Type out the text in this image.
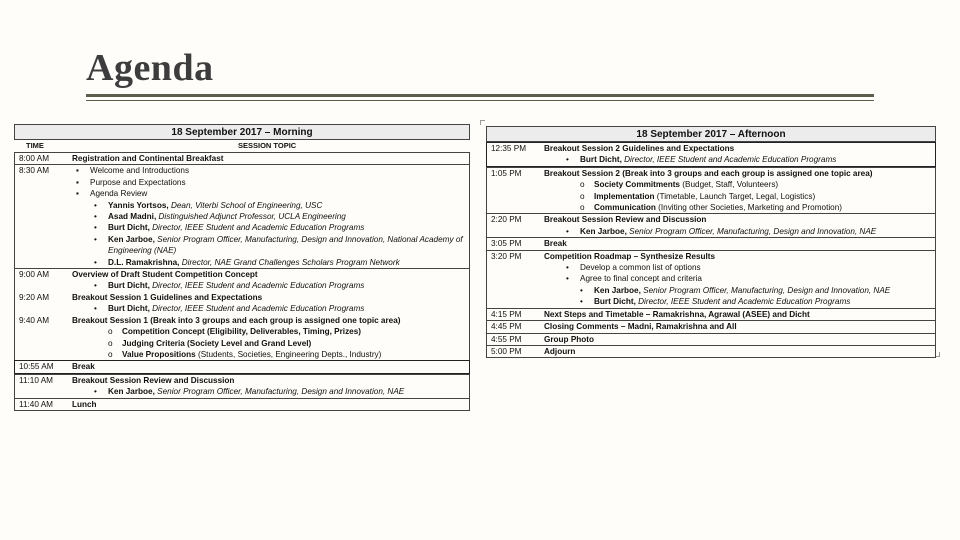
Agenda
18 September 2017 – Morning
TIME	SESSION TOPIC
8:00 AM	Registration and Continental Breakfast
8:30 AM	▪ Welcome and Introductions
▪ Purpose and Expectations
▪ Agenda Review
• Yannis Yortsos, Dean, Viterbi School of Engineering, USC
• Asad Madni, Distinguished Adjunct Professor, UCLA Engineering
• Burt Dicht, Director, IEEE Student and Academic Education Programs
• Ken Jarboe, Senior Program Officer, Manufacturing, Design and Innovation, National Academy of
Engineering (NAE)
• D.L. Ramakrishna, Director, NAE Grand Challenges Scholars Program Network
9:00 AM	Overview of Draft Student Competition Concept
• Burt Dicht, Director, IEEE Student and Academic Education Programs
9:20 AM	Breakout Session 1 Guidelines and Expectations
• Burt Dicht, Director, IEEE Student and Academic Education Programs
9:40 AM	Breakout Session 1 (Break into 3 groups and each group is assigned one topic area)
o Competition Concept (Eligibility, Deliverables, Timing, Prizes)
o Judging Criteria (Society Level and Grand Level)
o Value Propositions (Students, Societies, Engineering Depts., Industry)
10:55 AM	Break
11:10 AM	Breakout Session Review and Discussion
• Ken Jarboe, Senior Program Officer, Manufacturing, Design and Innovation, NAE
11:40 AM	Lunch
18 September 2017 – Afternoon
12:35 PM	Breakout Session 2 Guidelines and Expectations
• Burt Dicht, Director, IEEE Student and Academic Education Programs
1:05 PM	Breakout Session 2 (Break into 3 groups and each group is assigned one topic area)
o Society Commitments (Budget, Staff, Volunteers)
o Implementation (Timetable, Launch Target, Legal, Logistics)
o Communication (Inviting other Societies, Marketing and Promotion)
2:20 PM	Breakout Session Review and Discussion
• Ken Jarboe, Senior Program Officer, Manufacturing, Design and Innovation, NAE
3:05 PM	Break
3:20 PM	Competition Roadmap – Synthesize Results
• Develop a common list of options
• Agree to final concept and criteria
• Ken Jarboe, Senior Program Officer, Manufacturing, Design and Innovation, NAE
• Burt Dicht, Director, IEEE Student and Academic Education Programs
4:15 PM	Next Steps and Timetable – Ramakrishna, Agrawal (ASEE) and Dicht
4:45 PM	Closing Comments – Madni, Ramakrishna and All
4:55 PM	Group Photo
5:00 PM	Adjourn
